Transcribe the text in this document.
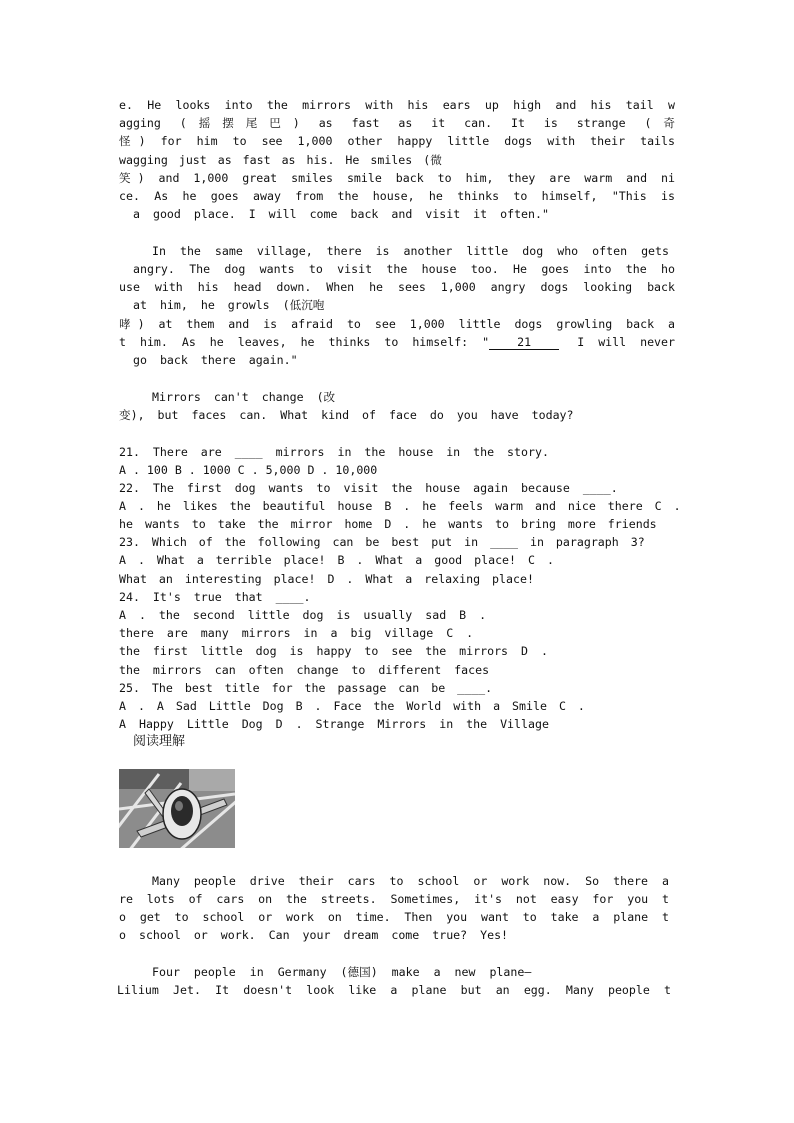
e. He looks into the mirrors with his ears up high and his tail w
agging (摇摆尾巴) as fast as it can. It is strange (奇
怪) for him to see 1,000 other happy little dogs with their tails
wagging just as fast as his. He smiles (微
笑) and 1,000 great smiles smile back to him, they are warm and ni
ce. As he goes away from the house, he thinks to himself, "This is
a good place. I will come back and visit it often."
In the same village, there is another little dog who often gets
angry. The dog wants to visit the house too. He goes into the ho
use with his head down. When he sees 1,000 angry dogs looking back
at him, he growls (低沉咆
哮) at them and is afraid to see 1,000 little dogs growling back a
t him. As he leaves, he thinks to himself: " 21	I will never
go back there again."
Mirrors can't change (改
变), but faces can. What kind of face do you have today?
21. There are ____ mirrors in the house in the story.
A . 100 B . 1000 C . 5,000 D . 10,000
22. The first dog wants to visit the house again because ____.
A . he likes the beautiful house B . he feels warm and nice there C .
he wants to take the mirror home D . he wants to bring more friends
23. Which of the following can be best put in ____ in paragraph 3?
A . What a terrible place! B . What a good place! C .
What an interesting place! D . What a relaxing place!
24. It's true that ____.
A . the second little dog is usually sad B .
there are many mirrors in a big village C .
the first little dog is happy to see the mirrors D .
the mirrors can often change to different faces
25. The best title for the passage can be ____.
A . A Sad Little Dog B . Face the World with a Smile C .
A Happy Little Dog D . Strange Mirrors in the Village
阅读理解
Many people drive their cars to school or work now. So there a
re lots of cars on the streets. Sometimes, it's not easy for you t
o get to school or work on time. Then you want to take a plane t
o school or work. Can your dream come true? Yes!
Four people in Germany (德国) make a new plane—
Lilium Jet. It doesn't look like a plane but an egg. Many people t
